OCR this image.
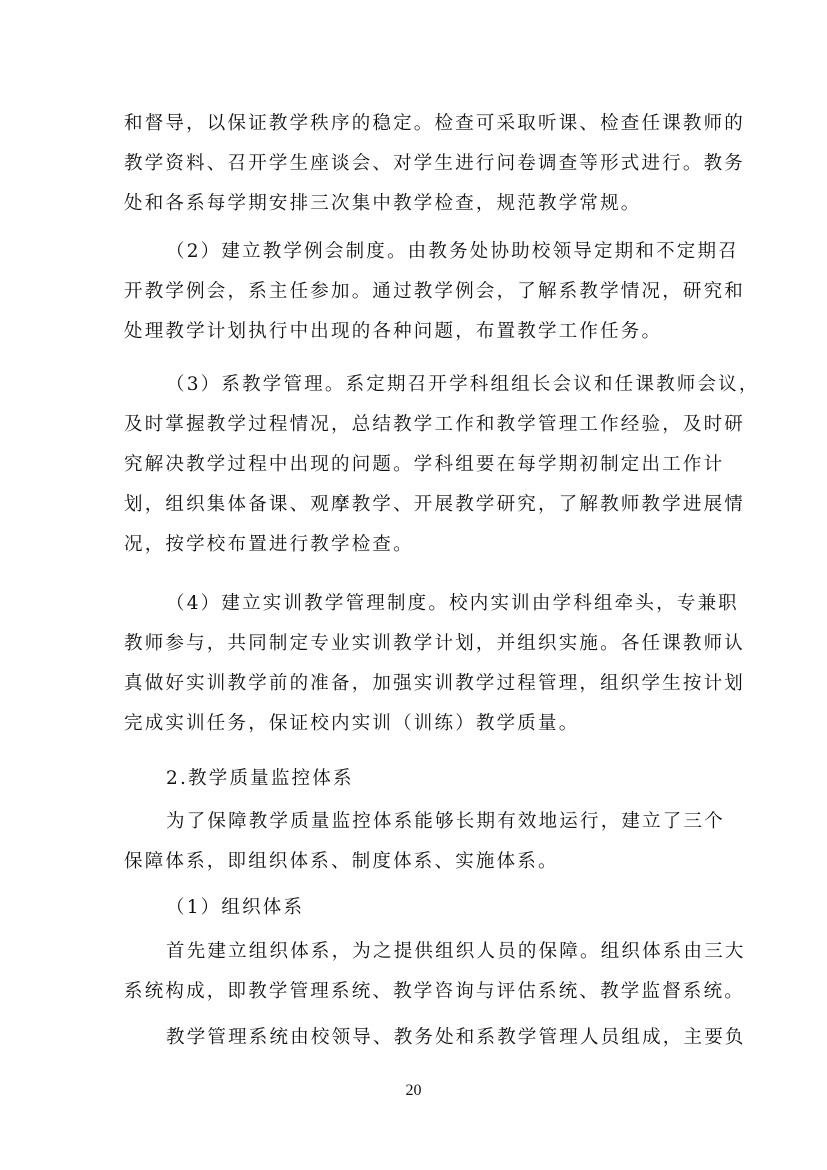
和督导，以保证教学秩序的稳定。检查可采取听课、检查任课教师的
教学资料、召开学生座谈会、对学生进行问卷调查等形式进行。教务
处和各系每学期安排三次集中教学检查，规范教学常规。

（2）建立教学例会制度。由教务处协助校领导定期和不定期召
开教学例会，系主任参加。通过教学例会，了解系教学情况，研究和
处理教学计划执行中出现的各种问题，布置教学工作任务。

（3）系教学管理。系定期召开学科组组长会议和任课教师会议，
及时掌握教学过程情况，总结教学工作和教学管理工作经验，及时研
究解决教学过程中出现的问题。学科组要在每学期初制定出工作计
划，组织集体备课、观摩教学、开展教学研究，了解教师教学进展情
况，按学校布置进行教学检查。

（4）建立实训教学管理制度。校内实训由学科组牵头，专兼职
教师参与，共同制定专业实训教学计划，并组织实施。各任课教师认
真做好实训教学前的准备，加强实训教学过程管理，组织学生按计划
完成实训任务，保证校内实训（训练）教学质量。

2.教学质量监控体系

为了保障教学质量监控体系能够长期有效地运行，建立了三个
保障体系，即组织体系、制度体系、实施体系。

（1）组织体系

首先建立组织体系，为之提供组织人员的保障。组织体系由三大
系统构成，即教学管理系统、教学咨询与评估系统、教学监督系统。

教学管理系统由校领导、教务处和系教学管理人员组成，主要负

20
